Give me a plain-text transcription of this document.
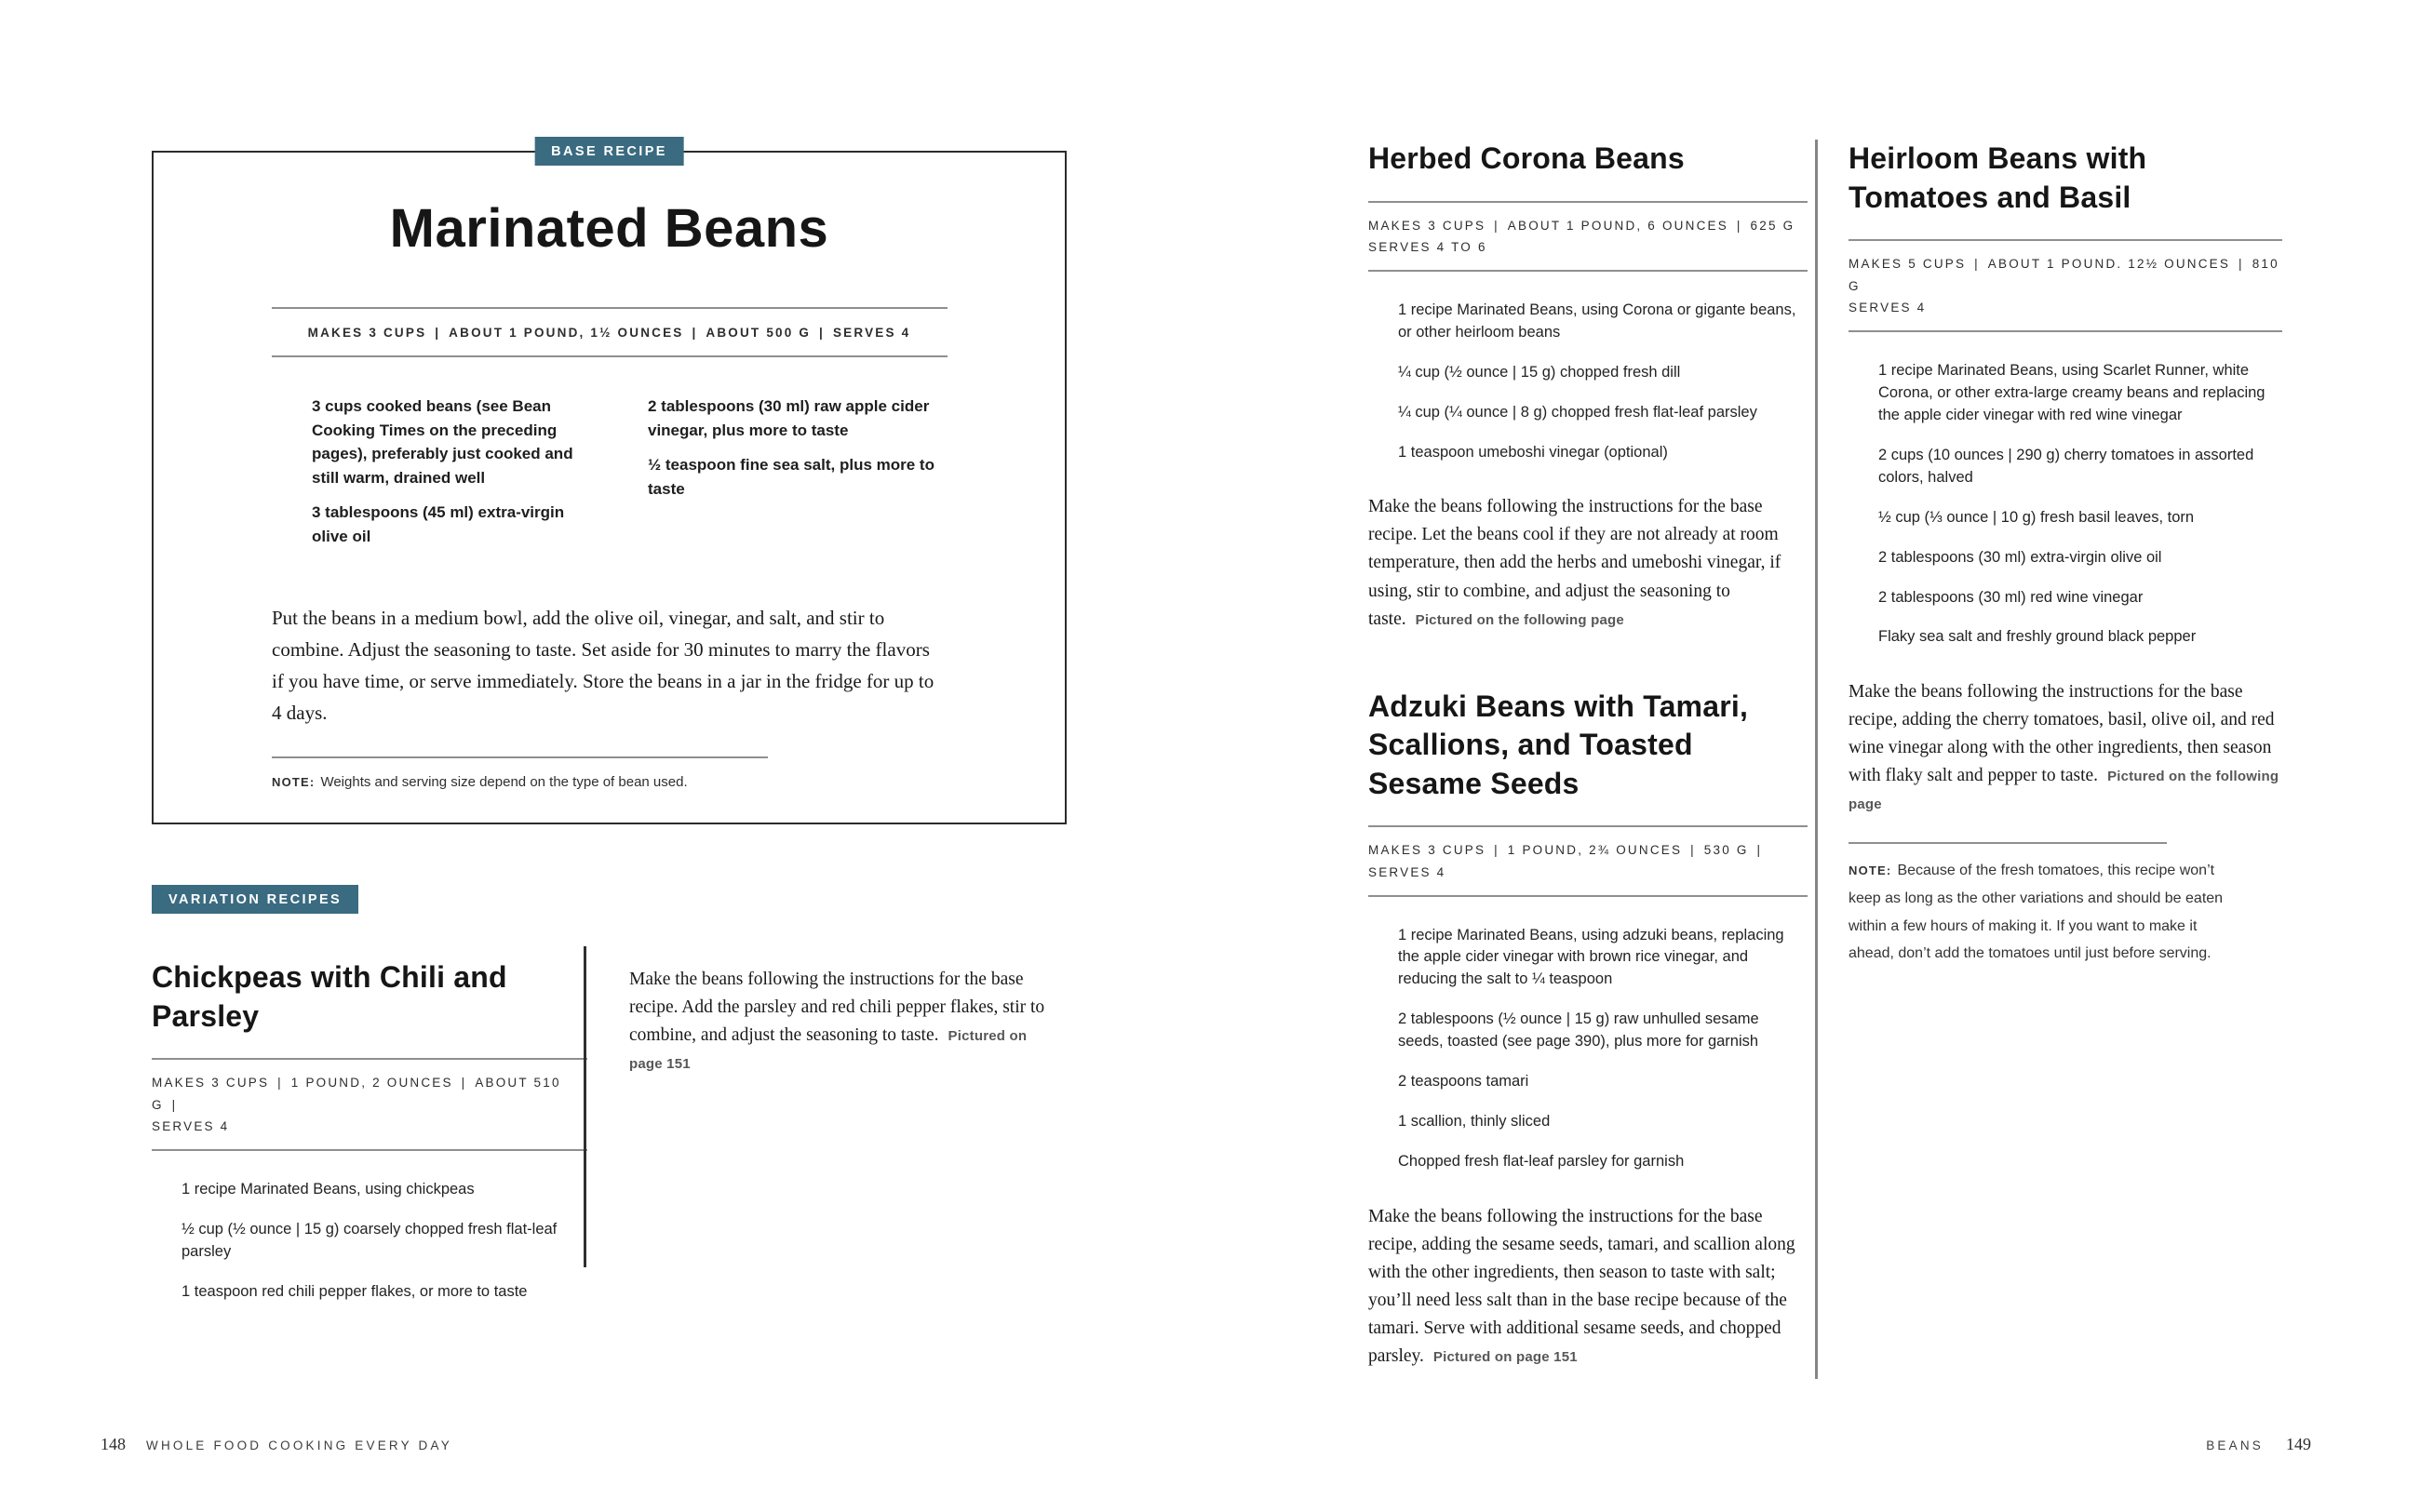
BASE RECIPE
Marinated Beans
MAKES 3 CUPS | ABOUT 1 POUND, 1½ OUNCES | ABOUT 500 G | SERVES 4

3 cups cooked beans (see Bean Cooking Times on the preceding pages), preferably just cooked and still warm, drained well

3 tablespoons (45 ml) extra-virgin olive oil

2 tablespoons (30 ml) raw apple cider vinegar, plus more to taste

½ teaspoon fine sea salt, plus more to taste

Put the beans in a medium bowl, add the olive oil, vinegar, and salt, and stir to combine. Adjust the seasoning to taste. Set aside for 30 minutes to marry the flavors if you have time, or serve immediately. Store the beans in a jar in the fridge for up to 4 days.

NOTE: Weights and serving size depend on the type of bean used.

VARIATION RECIPES
Chickpeas with Chili and Parsley
MAKES 3 CUPS | 1 POUND, 2 OUNCES | ABOUT 510 G |
SERVES 4

1 recipe Marinated Beans, using chickpeas

½ cup (½ ounce | 15 g) coarsely chopped fresh flat-leaf parsley

1 teaspoon red chili pepper flakes, or more to taste

Make the beans following the instructions for the base recipe. Add the parsley and red chili pepper flakes, stir to combine, and adjust the seasoning to taste. Pictured on page 151

Herbed Corona Beans
MAKES 3 CUPS | ABOUT 1 POUND, 6 OUNCES | 625 G
SERVES 4 TO 6

1 recipe Marinated Beans, using Corona or gigante beans, or other heirloom beans

¼ cup (½ ounce | 15 g) chopped fresh dill

¼ cup (¼ ounce | 8 g) chopped fresh flat-leaf parsley

1 teaspoon umeboshi vinegar (optional)

Make the beans following the instructions for the base recipe. Let the beans cool if they are not already at room temperature, then add the herbs and umeboshi vinegar, if using, stir to combine, and adjust the seasoning to taste. Pictured on the following page

Adzuki Beans with Tamari, Scallions, and Toasted Sesame Seeds
MAKES 3 CUPS | 1 POUND, 2¾ OUNCES | 530 G | SERVES 4

1 recipe Marinated Beans, using adzuki beans, replacing the apple cider vinegar with brown rice vinegar, and reducing the salt to ¼ teaspoon

2 tablespoons (½ ounce | 15 g) raw unhulled sesame seeds, toasted (see page 390), plus more for garnish

2 teaspoons tamari

1 scallion, thinly sliced

Chopped fresh flat-leaf parsley for garnish

Make the beans following the instructions for the base recipe, adding the sesame seeds, tamari, and scallion along with the other ingredients, then season to taste with salt; you’ll need less salt than in the base recipe because of the tamari. Serve with additional sesame seeds, and chopped parsley. Pictured on page 151

Heirloom Beans with Tomatoes and Basil
MAKES 5 CUPS | ABOUT 1 POUND. 12½ OUNCES | 810 G
SERVES 4

1 recipe Marinated Beans, using Scarlet Runner, white Corona, or other extra-large creamy beans and replacing the apple cider vinegar with red wine vinegar

2 cups (10 ounces | 290 g) cherry tomatoes in assorted colors, halved

½ cup (⅓ ounce | 10 g) fresh basil leaves, torn

2 tablespoons (30 ml) extra-virgin olive oil

2 tablespoons (30 ml) red wine vinegar

Flaky sea salt and freshly ground black pepper

Make the beans following the instructions for the base recipe, adding the cherry tomatoes, basil, olive oil, and red wine vinegar along with the other ingredients, then season with flaky salt and pepper to taste. Pictured on the following page

NOTE: Because of the fresh tomatoes, this recipe won’t keep as long as the other variations and should be eaten within a few hours of making it. If you want to make it ahead, don’t add the tomatoes until just before serving.

148 WHOLE FOOD COOKING EVERY DAY	BEANS 149
